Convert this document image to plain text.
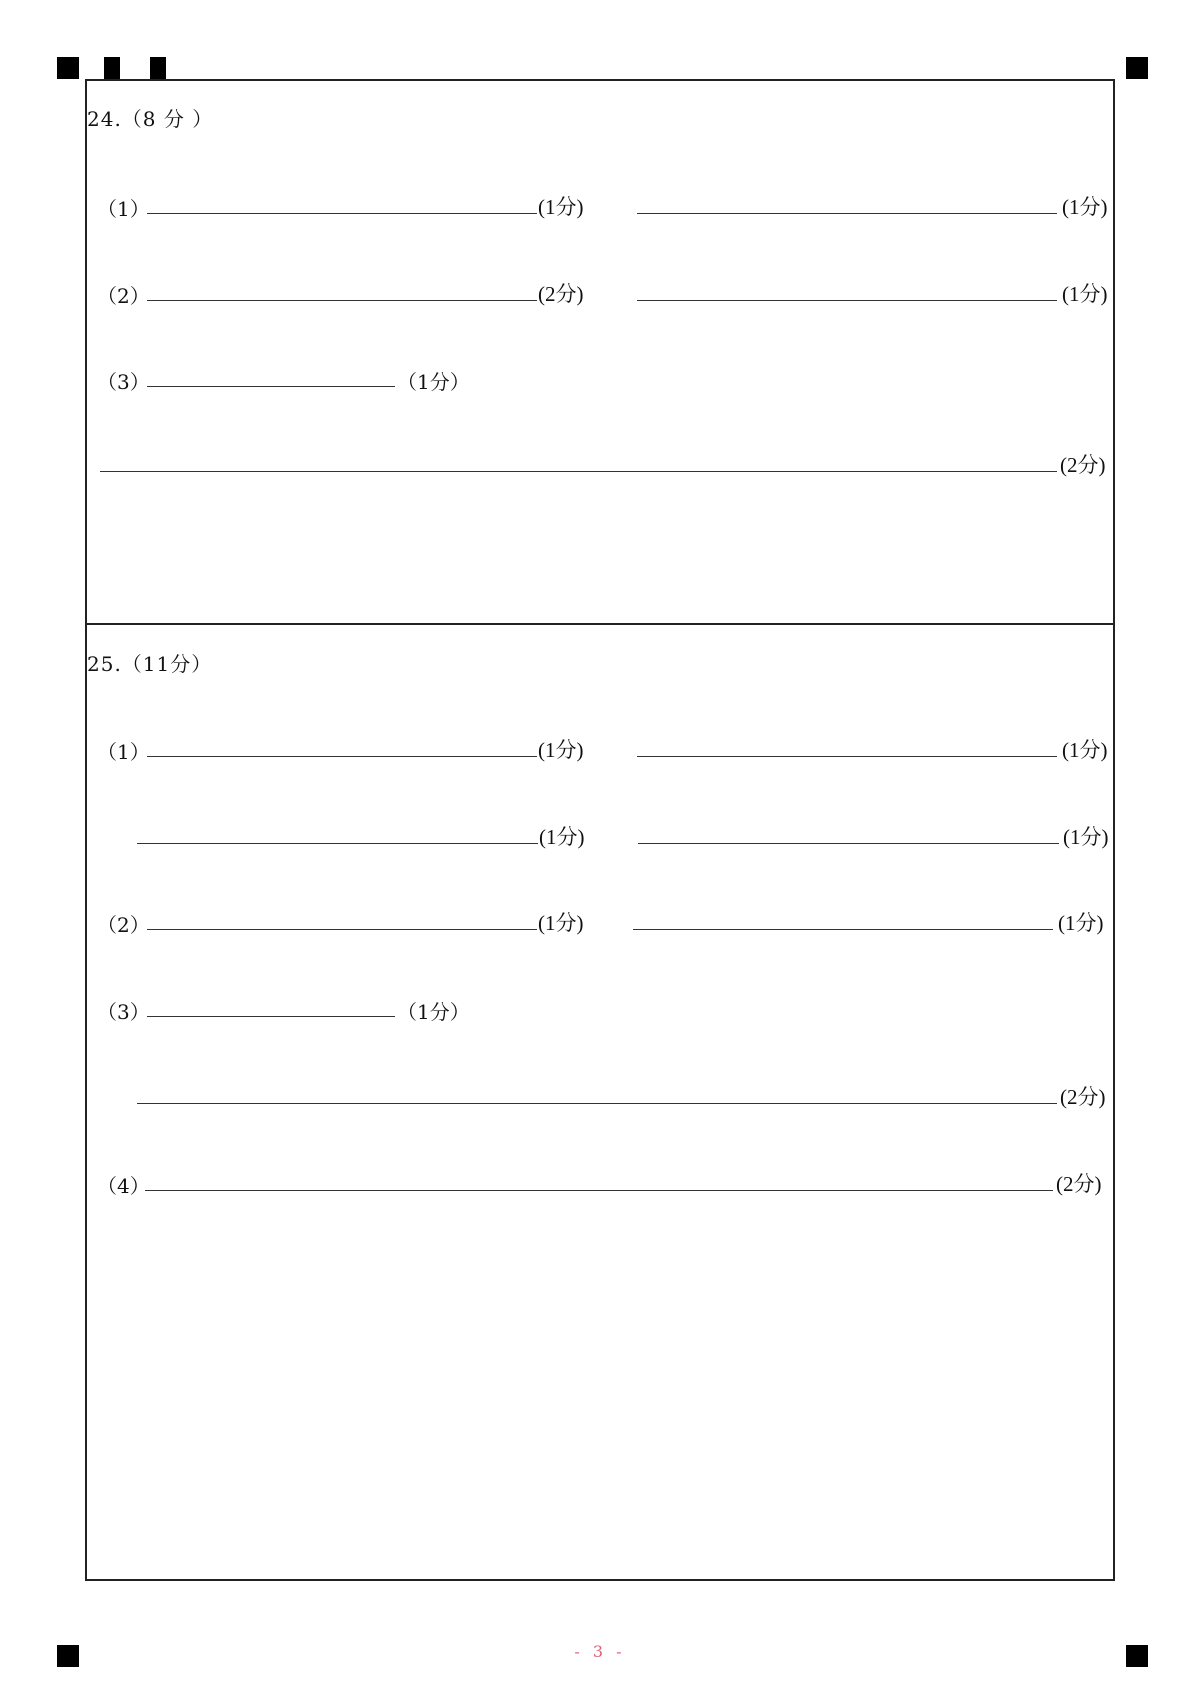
24.（8 分 ）
（1）	(1分)	(1分)
（2）	(2分)	(1分)
（3）	（1分）
(2分)
25.（11分）
（1）	(1分)	(1分)
(1分)	(1分)
（2）	(1分)	(1分)
（3）	（1分）
(2分)
（4）	(2分)
- 3 -
